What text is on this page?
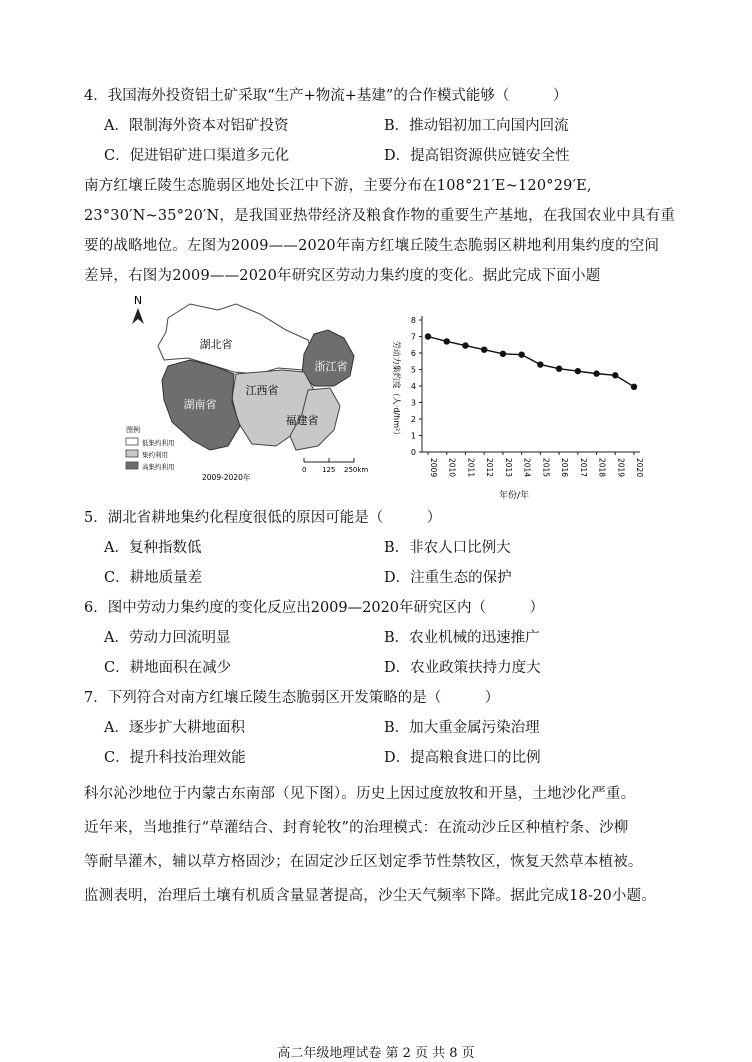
4．我国海外投资铝土矿采取“生产+物流+基建”的合作模式能够（　　　）
A．限制海外资本对铝矿投资	B．推动铝初加工向国内回流
C．促进铝矿进口渠道多元化	D．提高铝资源供应链安全性
南方红壤丘陵生态脆弱区地处长江中下游，主要分布在108°21′E~120°29′E,
23°30′N~35°20′N，是我国亚热带经济及粮食作物的重要生产基地，在我国农业中具有重
要的战略地位。左图为2009——2020年南方红壤丘陵生态脆弱区耕地利用集约度的空间
差异，右图为2009——2020年研究区劳动力集约度的变化。据此完成下面小题
N
湖北省
浙江省
江西省
湖南省
福建省
图例
低集约利用
集约利用
高集约利用
2009-2020年
0 125 250km
劳动力集约度（人·d/hm²）
0
1
2
3
4
5
6
7
8
2009 2010 2011 2012 2013 2014 2015 2016 2017 2018 2019 2020
年份/年
5．湖北省耕地集约化程度很低的原因可能是（　　　）
A．复种指数低	B．非农人口比例大
C．耕地质量差	D．注重生态的保护
6．图中劳动力集约度的变化反应出2009—2020年研究区内（　　　）
A．劳动力回流明显	B．农业机械的迅速推广
C．耕地面积在减少	D．农业政策扶持力度大
7．下列符合对南方红壤丘陵生态脆弱区开发策略的是（　　　）
A．逐步扩大耕地面积	B．加大重金属污染治理
C．提升科技治理效能	D．提高粮食进口的比例
科尔沁沙地位于内蒙古东南部（见下图）。历史上因过度放牧和开垦，土地沙化严重。
近年来，当地推行“草灌结合、封育轮牧”的治理模式：在流动沙丘区种植柠条、沙柳
等耐旱灌木，辅以草方格固沙；在固定沙丘区划定季节性禁牧区，恢复天然草本植被。
监测表明，治理后土壤有机质含量显著提高，沙尘天气频率下降。据此完成18-20小题。
高二年级地理试卷 第 2 页 共 8 页
